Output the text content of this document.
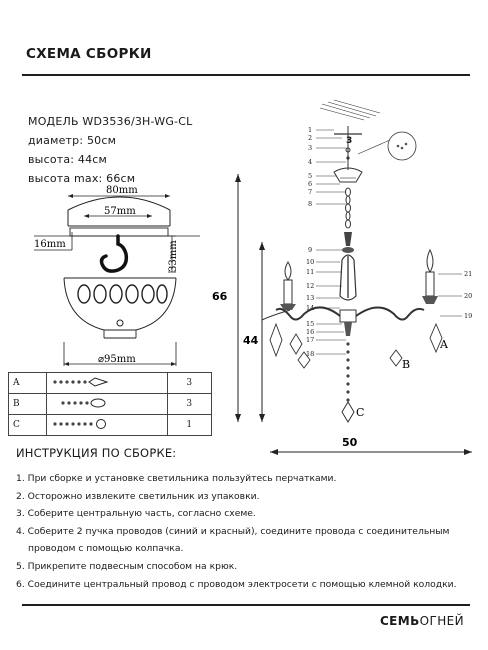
СХЕМА СБОРКИ
МОДЕЛЬ WD3536/3H-WG-CL
диаметр: 50см
высота: 44см
высота max: 66см
80mm
57mm
16mm	33mm
⌀95mm
A		3
B		3
C		1
66
44
50
3
A
B
C
1
2
3
4
5
6
7
8
9
10
11
12
13
14
15
16
17
18
21
20
19
ИНСТРУКЦИЯ ПО СБОРКЕ:
1. При сборке и установке светильника пользуйтесь перчатками.
2. Осторожно извлеките светильник из упаковки.
3. Соберите центральную часть, согласно схеме.
4. Соберите 2 пучка проводов (синий и красный), соедините провода с соединительным
проводом с помощью колпачка.
5. Прикрепите подвесным способом на крюк.
6. Соедините центральный провод с проводом электросети с помощью клемной колодки.
СЕМЬОГНЕЙ
